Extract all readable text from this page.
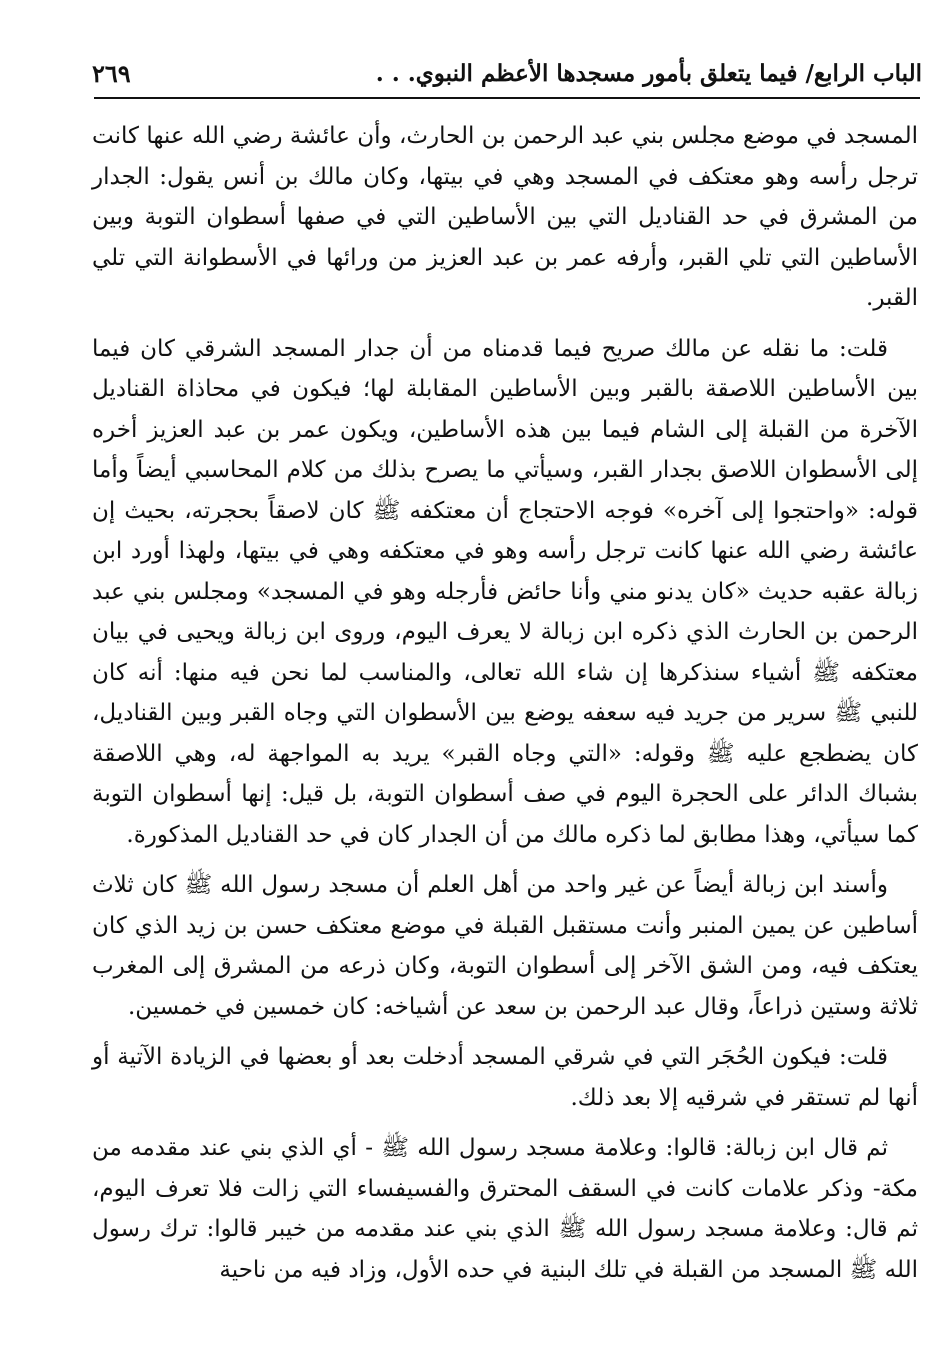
الباب الرابع/ فيما يتعلق بأمور مسجدها الأعظم النبوي. . .
٢٦٩

المسجد في موضع مجلس بني عبد الرحمن بن الحارث، وأن عائشة رضي الله عنها كانت ترجل رأسه وهو معتكف في المسجد وهي في بيتها، وكان مالك بن أنس يقول: الجدار من المشرق في حد القناديل التي بين الأساطين التي في صفها أسطوان التوبة وبين الأساطين التي تلي القبر، وأرفه عمر بن عبد العزيز من ورائها في الأسطوانة التي تلي القبر.

قلت: ما نقله عن مالك صريح فيما قدمناه من أن جدار المسجد الشرقي كان فيما بين الأساطين اللاصقة بالقبر وبين الأساطين المقابلة لها؛ فيكون في محاذاة القناديل الآخرة من القبلة إلى الشام فيما بين هذه الأساطين، ويكون عمر بن عبد العزيز أخره إلى الأسطوان اللاصق بجدار القبر، وسيأتي ما يصرح بذلك من كلام المحاسبي أيضاً وأما قوله: «واحتجوا إلى آخره» فوجه الاحتجاج أن معتكفه ﷺ كان لاصقاً بحجرته، بحيث إن عائشة رضي الله عنها كانت ترجل رأسه وهو في معتكفه وهي في بيتها، ولهذا أورد ابن زبالة عقبه حديث «كان يدنو مني وأنا حائض فأرجله وهو في المسجد» ومجلس بني عبد الرحمن بن الحارث الذي ذكره ابن زبالة لا يعرف اليوم، وروى ابن زبالة ويحيى في بيان معتكفه ﷺ أشياء سنذكرها إن شاء الله تعالى، والمناسب لما نحن فيه منها: أنه كان للنبي ﷺ سرير من جريد فيه سعفه يوضع بين الأسطوان التي وجاه القبر وبين القناديل، كان يضطجع عليه ﷺ وقوله: «التي وجاه القبر» يريد به المواجهة له، وهي اللاصقة بشباك الدائر على الحجرة اليوم في صف أسطوان التوبة، بل قيل: إنها أسطوان التوبة كما سيأتي، وهذا مطابق لما ذكره مالك من أن الجدار كان في حد القناديل المذكورة.

وأسند ابن زبالة أيضاً عن غير واحد من أهل العلم أن مسجد رسول الله ﷺ كان ثلاث أساطين عن يمين المنبر وأنت مستقبل القبلة في موضع معتكف حسن بن زيد الذي كان يعتكف فيه، ومن الشق الآخر إلى أسطوان التوبة، وكان ذرعه من المشرق إلى المغرب ثلاثة وستين ذراعاً، وقال عبد الرحمن بن سعد عن أشياخه: كان خمسين في خمسين.

قلت: فيكون الحُجَر التي في شرقي المسجد أدخلت بعد أو بعضها في الزيادة الآتية أو أنها لم تستقر في شرقيه إلا بعد ذلك.

ثم قال ابن زبالة: قالوا: وعلامة مسجد رسول الله ﷺ - أي الذي بني عند مقدمه من مكة- وذكر علامات كانت في السقف المحترق والفسيفساء التي زالت فلا تعرف اليوم، ثم قال: وعلامة مسجد رسول الله ﷺ الذي بني عند مقدمه من خيبر قالوا: ترك رسول الله ﷺ المسجد من القبلة في تلك البنية في حده الأول، وزاد فيه من ناحية
